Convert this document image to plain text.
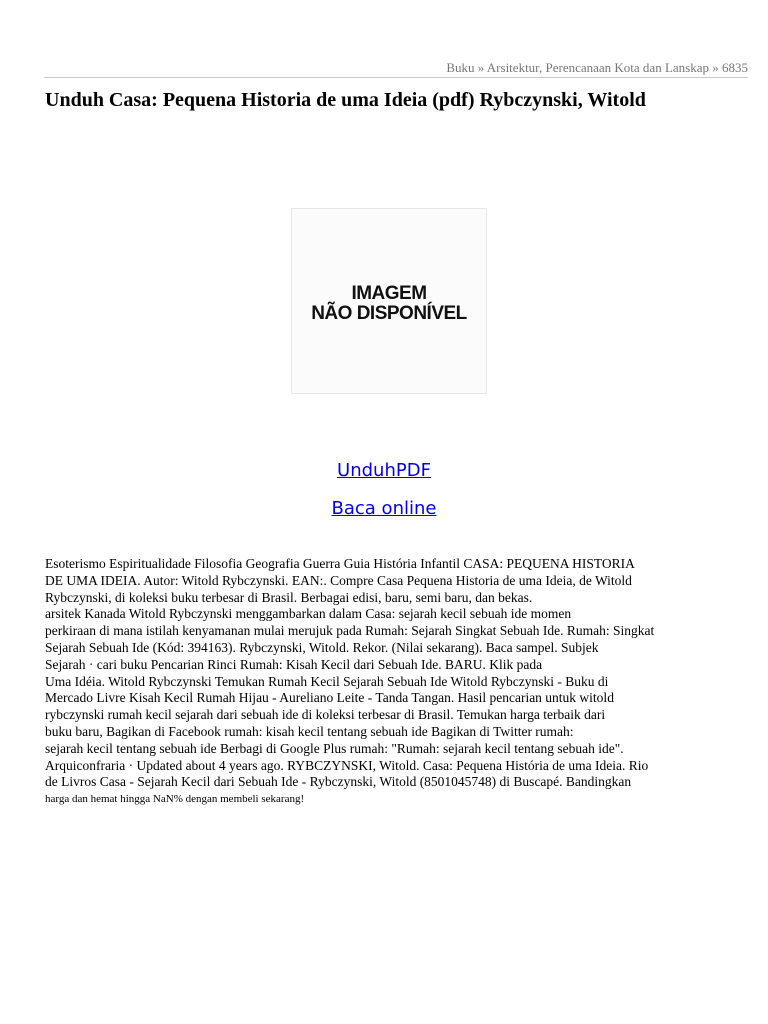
Buku » Arsitektur, Perencanaan Kota dan Lanskap » 6835
Unduh Casa: Pequena Historia de uma Ideia (pdf) Rybczynski, Witold
IMAGEM
NÃO DISPONÍVEL
UnduhPDF
Baca online
Esoterismo Espiritualidade Filosofia Geografia Guerra Guia História Infantil CASA: PEQUENA HISTORIA
DE UMA IDEIA. Autor: Witold Rybczynski. EAN:. Compre Casa Pequena Historia de uma Ideia, de Witold
Rybczynski, di koleksi buku terbesar di Brasil. Berbagai edisi, baru, semi baru, dan bekas.
arsitek Kanada Witold Rybczynski menggambarkan dalam Casa: sejarah kecil sebuah ide momen
perkiraan di mana istilah kenyamanan mulai merujuk pada Rumah: Sejarah Singkat Sebuah Ide. Rumah: Singkat
Sejarah Sebuah Ide (Kód: 394163). Rybczynski, Witold. Rekor. (Nilai sekarang). Baca sampel. Subjek
Sejarah · cari buku Pencarian Rinci Rumah: Kisah Kecil dari Sebuah Ide. BARU. Klik pada
Uma Idéia. Witold Rybczynski Temukan Rumah Kecil Sejarah Sebuah Ide Witold Rybczynski - Buku di
Mercado Livre Kisah Kecil Rumah Hijau - Aureliano Leite - Tanda Tangan. Hasil pencarian untuk witold
rybczynski rumah kecil sejarah dari sebuah ide di koleksi terbesar di Brasil. Temukan harga terbaik dari
buku baru, Bagikan di Facebook rumah: kisah kecil tentang sebuah ide Bagikan di Twitter rumah:
sejarah kecil tentang sebuah ide Berbagi di Google Plus rumah: "Rumah: sejarah kecil tentang sebuah ide".
Arquiconfraria · Updated about 4 years ago. RYBCZYNSKI, Witold. Casa: Pequena História de uma Ideia. Rio
de Livros Casa - Sejarah Kecil dari Sebuah Ide - Rybczynski, Witold (8501045748) di Buscapé. Bandingkan
harga dan hemat hingga NaN% dengan membeli sekarang!
